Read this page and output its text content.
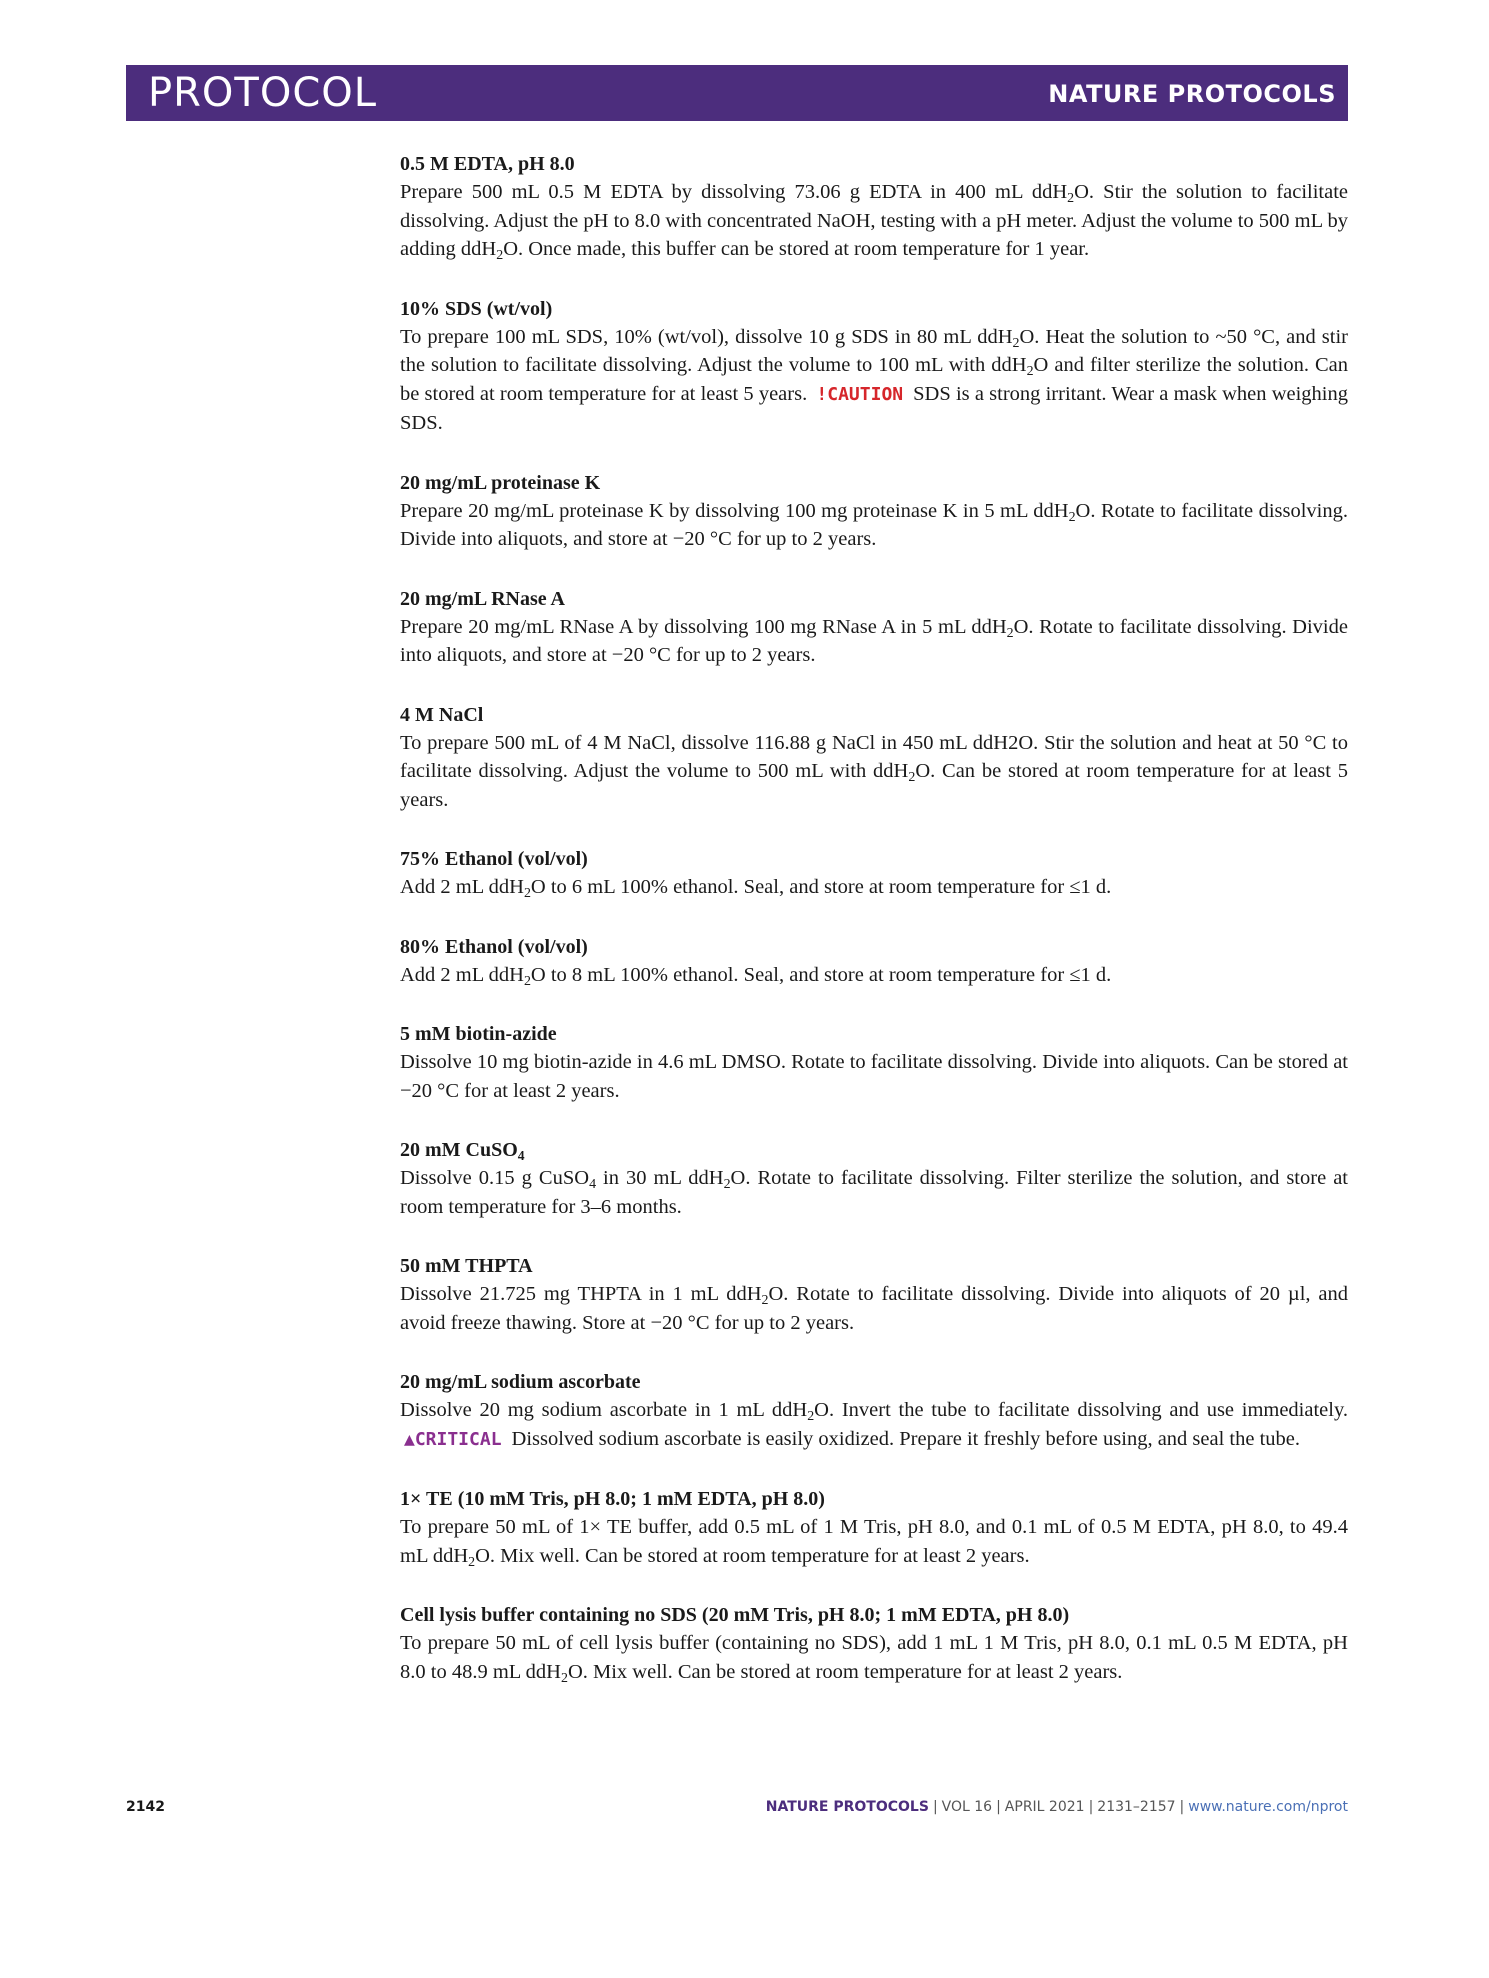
PROTOCOL	NATURE PROTOCOLS
0.5 M EDTA, pH 8.0
Prepare 500 mL 0.5 M EDTA by dissolving 73.06 g EDTA in 400 mL ddH$_2$O. Stir the solution to facilitate dissolving. Adjust the pH to 8.0 with concentrated NaOH, testing with a pH meter. Adjust the volume to 500 mL by adding ddH$_2$O. Once made, this buffer can be stored at room temperature for 1 year.
10% SDS (wt/vol)
To prepare 100 mL SDS, 10% (wt/vol), dissolve 10 g SDS in 80 mL ddH$_2$O. Heat the solution to ~50 °C, and stir the solution to facilitate dissolving. Adjust the volume to 100 mL with ddH$_2$O and filter sterilize the solution. Can be stored at room temperature for at least 5 years. !CAUTION SDS is a strong irritant. Wear a mask when weighing SDS.
20 mg/mL proteinase K
Prepare 20 mg/mL proteinase K by dissolving 100 mg proteinase K in 5 mL ddH$_2$O. Rotate to facilitate dissolving. Divide into aliquots, and store at −20 °C for up to 2 years.
20 mg/mL RNase A
Prepare 20 mg/mL RNase A by dissolving 100 mg RNase A in 5 mL ddH$_2$O. Rotate to facilitate dissolving. Divide into aliquots, and store at −20 °C for up to 2 years.
4 M NaCl
To prepare 500 mL of 4 M NaCl, dissolve 116.88 g NaCl in 450 mL ddH2O. Stir the solution and heat at 50 °C to facilitate dissolving. Adjust the volume to 500 mL with ddH$_2$O. Can be stored at room temperature for at least 5 years.
75% Ethanol (vol/vol)
Add 2 mL ddH$_2$O to 6 mL 100% ethanol. Seal, and store at room temperature for ≤1 d.
80% Ethanol (vol/vol)
Add 2 mL ddH$_2$O to 8 mL 100% ethanol. Seal, and store at room temperature for ≤1 d.
5 mM biotin-azide
Dissolve 10 mg biotin-azide in 4.6 mL DMSO. Rotate to facilitate dissolving. Divide into aliquots. Can be stored at −20 °C for at least 2 years.
20 mM CuSO$_4$
Dissolve 0.15 g CuSO$_4$ in 30 mL ddH$_2$O. Rotate to facilitate dissolving. Filter sterilize the solution, and store at room temperature for 3–6 months.
50 mM THPTA
Dissolve 21.725 mg THPTA in 1 mL ddH$_2$O. Rotate to facilitate dissolving. Divide into aliquots of 20 µl, and avoid freeze thawing. Store at −20 °C for up to 2 years.
20 mg/mL sodium ascorbate
Dissolve 20 mg sodium ascorbate in 1 mL ddH$_2$O. Invert the tube to facilitate dissolving and use immediately. ▲CRITICAL Dissolved sodium ascorbate is easily oxidized. Prepare it freshly before using, and seal the tube.
1× TE (10 mM Tris, pH 8.0; 1 mM EDTA, pH 8.0)
To prepare 50 mL of 1× TE buffer, add 0.5 mL of 1 M Tris, pH 8.0, and 0.1 mL of 0.5 M EDTA, pH 8.0, to 49.4 mL ddH$_2$O. Mix well. Can be stored at room temperature for at least 2 years.
Cell lysis buffer containing no SDS (20 mM Tris, pH 8.0; 1 mM EDTA, pH 8.0)
To prepare 50 mL of cell lysis buffer (containing no SDS), add 1 mL 1 M Tris, pH 8.0, 0.1 mL 0.5 M EDTA, pH 8.0 to 48.9 mL ddH$_2$O. Mix well. Can be stored at room temperature for at least 2 years.
2142	NATURE PROTOCOLS | VOL 16 | APRIL 2021 | 2131–2157 | www.nature.com/nprot
